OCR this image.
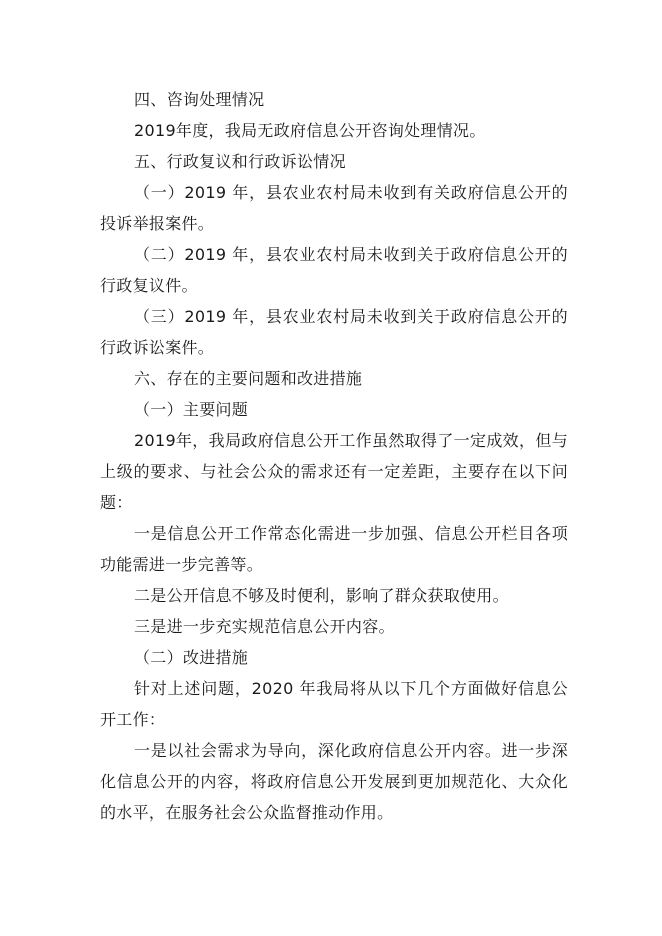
四、咨询处理情况

2019年度，我局无政府信息公开咨询处理情况。

五、行政复议和行政诉讼情况

（一）2019 年，县农业农村局未收到有关政府信息公开的投诉举报案件。

（二）2019 年，县农业农村局未收到关于政府信息公开的行政复议件。

（三）2019 年，县农业农村局未收到关于政府信息公开的行政诉讼案件。

六、存在的主要问题和改进措施

（一）主要问题

2019年，我局政府信息公开工作虽然取得了一定成效，但与上级的要求、与社会公众的需求还有一定差距，主要存在以下问题：

一是信息公开工作常态化需进一步加强、信息公开栏目各项功能需进一步完善等。

二是公开信息不够及时便利，影响了群众获取使用。

三是进一步充实规范信息公开内容。

（二）改进措施

针对上述问题，2020 年我局将从以下几个方面做好信息公开工作：

一是以社会需求为导向，深化政府信息公开内容。进一步深化信息公开的内容，将政府信息公开发展到更加规范化、大众化的水平，在服务社会公众监督推动作用。
